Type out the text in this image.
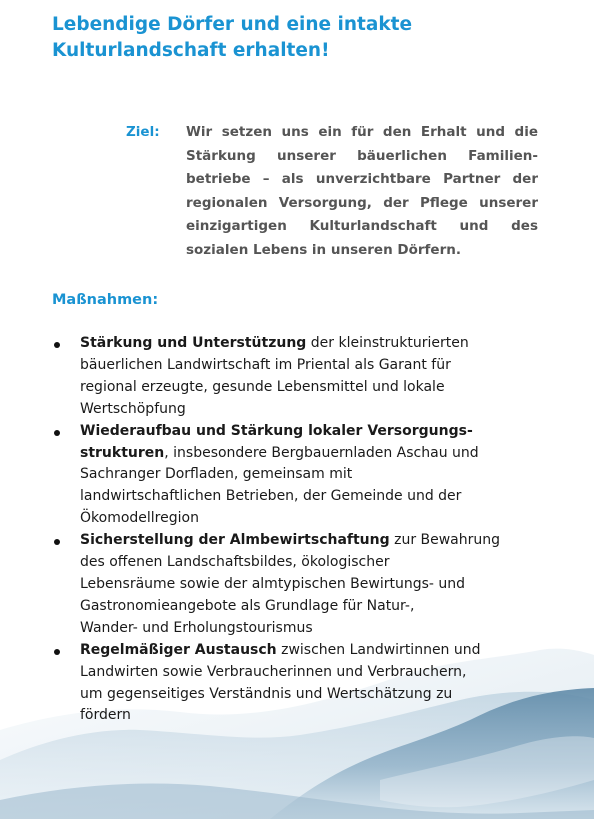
Lebendige Dörfer und eine intakte
Kulturlandschaft erhalten!
Ziel: Wir setzen uns ein für den Erhalt und die
Stärkung unserer bäuerlichen Familien-
betriebe – als unverzichtbare Partner der
regionalen Versorgung, der Pflege unserer
einzigartigen Kulturlandschaft und des
sozialen Lebens in unseren Dörfern.

Maßnahmen:
Stärkung und Unterstützung der kleinstrukturierten
bäuerlichen Landwirtschaft im Priental als Garant für
regional erzeugte, gesunde Lebensmittel und lokale
Wertschöpfung
Wiederaufbau und Stärkung lokaler Versorgungs-
strukturen, insbesondere Bergbauernladen Aschau und
Sachranger Dorfladen, gemeinsam mit
landwirtschaftlichen Betrieben, der Gemeinde und der
Ökomodellregion
Sicherstellung der Almbewirtschaftung zur Bewahrung
des offenen Landschaftsbildes, ökologischer
Lebensräume sowie der almtypischen Bewirtungs- und
Gastronomieangebote als Grundlage für Natur-,
Wander- und Erholungstourismus
Regelmäßiger Austausch zwischen Landwirtinnen und
Landwirten sowie Verbraucherinnen und Verbrauchern,
um gegenseitiges Verständnis und Wertschätzung zu
fördern
